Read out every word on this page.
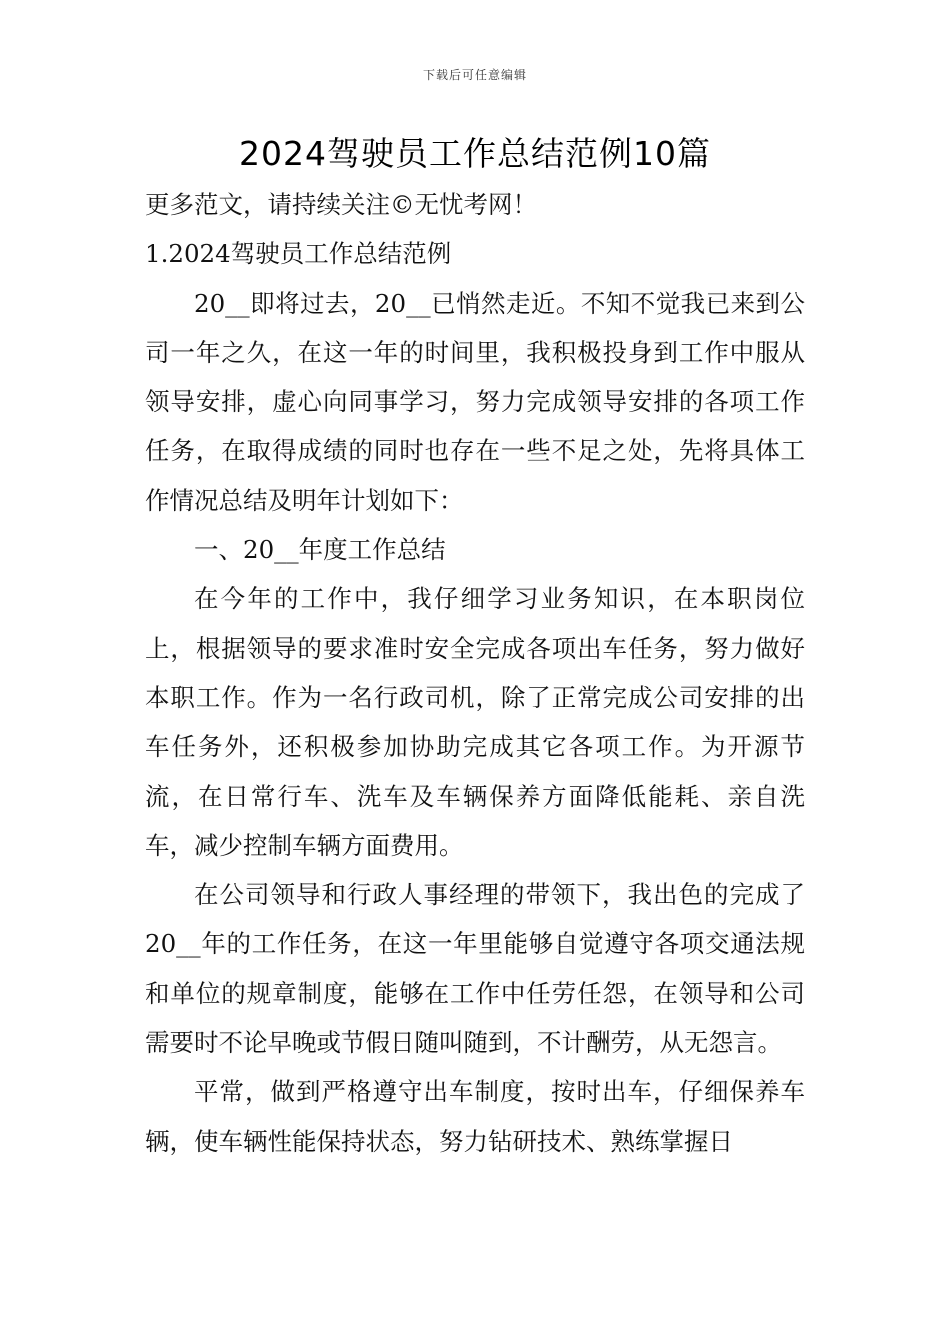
下载后可任意编辑
2024驾驶员工作总结范例10篇

更多范文，请持续关注©无忧考网！

1.2024驾驶员工作总结范例

20__即将过去，20__已悄然走近。不知不觉我已来到公司一年之久，在这一年的时间里，我积极投身到工作中服从领导安排，虚心向同事学习，努力完成领导安排的各项工作任务，在取得成绩的同时也存在一些不足之处，先将具体工作情况总结及明年计划如下：

一、20__年度工作总结

在今年的工作中，我仔细学习业务知识，在本职岗位上，根据领导的要求准时安全完成各项出车任务，努力做好本职工作。作为一名行政司机，除了正常完成公司安排的出车任务外，还积极参加协助完成其它各项工作。为开源节流，在日常行车、洗车及车辆保养方面降低能耗、亲自洗车，减少控制车辆方面费用。

在公司领导和行政人事经理的带领下，我出色的完成了20__年的工作任务，在这一年里能够自觉遵守各项交通法规和单位的规章制度，能够在工作中任劳任怨，在领导和公司需要时不论早晚或节假日随叫随到，不计酬劳，从无怨言。

平常，做到严格遵守出车制度，按时出车，仔细保养车辆，使车辆性能保持状态，努力钻研技术、熟练掌握日
